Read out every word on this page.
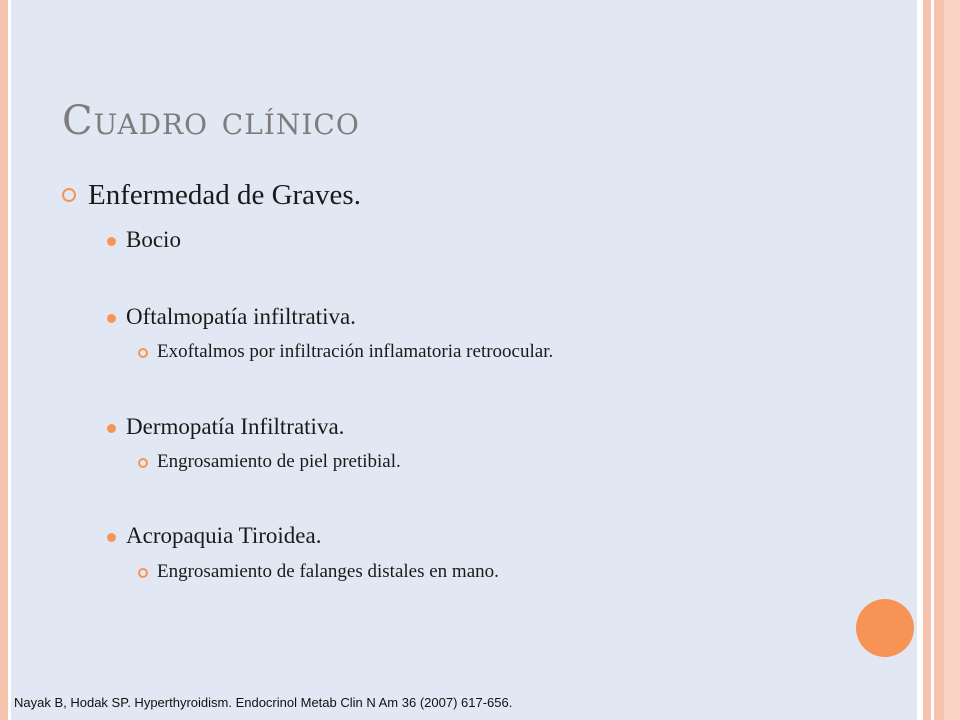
Cuadro clínico
Enfermedad de Graves.
Bocio
Oftalmopatía infiltrativa.
Exoftalmos por infiltración inflamatoria retroocular.
Dermopatía Infiltrativa.
Engrosamiento de piel pretibial.
Acropaquia Tiroidea.
Engrosamiento de falanges distales en mano.
Nayak B, Hodak SP. Hyperthyroidism. Endocrinol Metab Clin N Am 36 (2007) 617-656.
